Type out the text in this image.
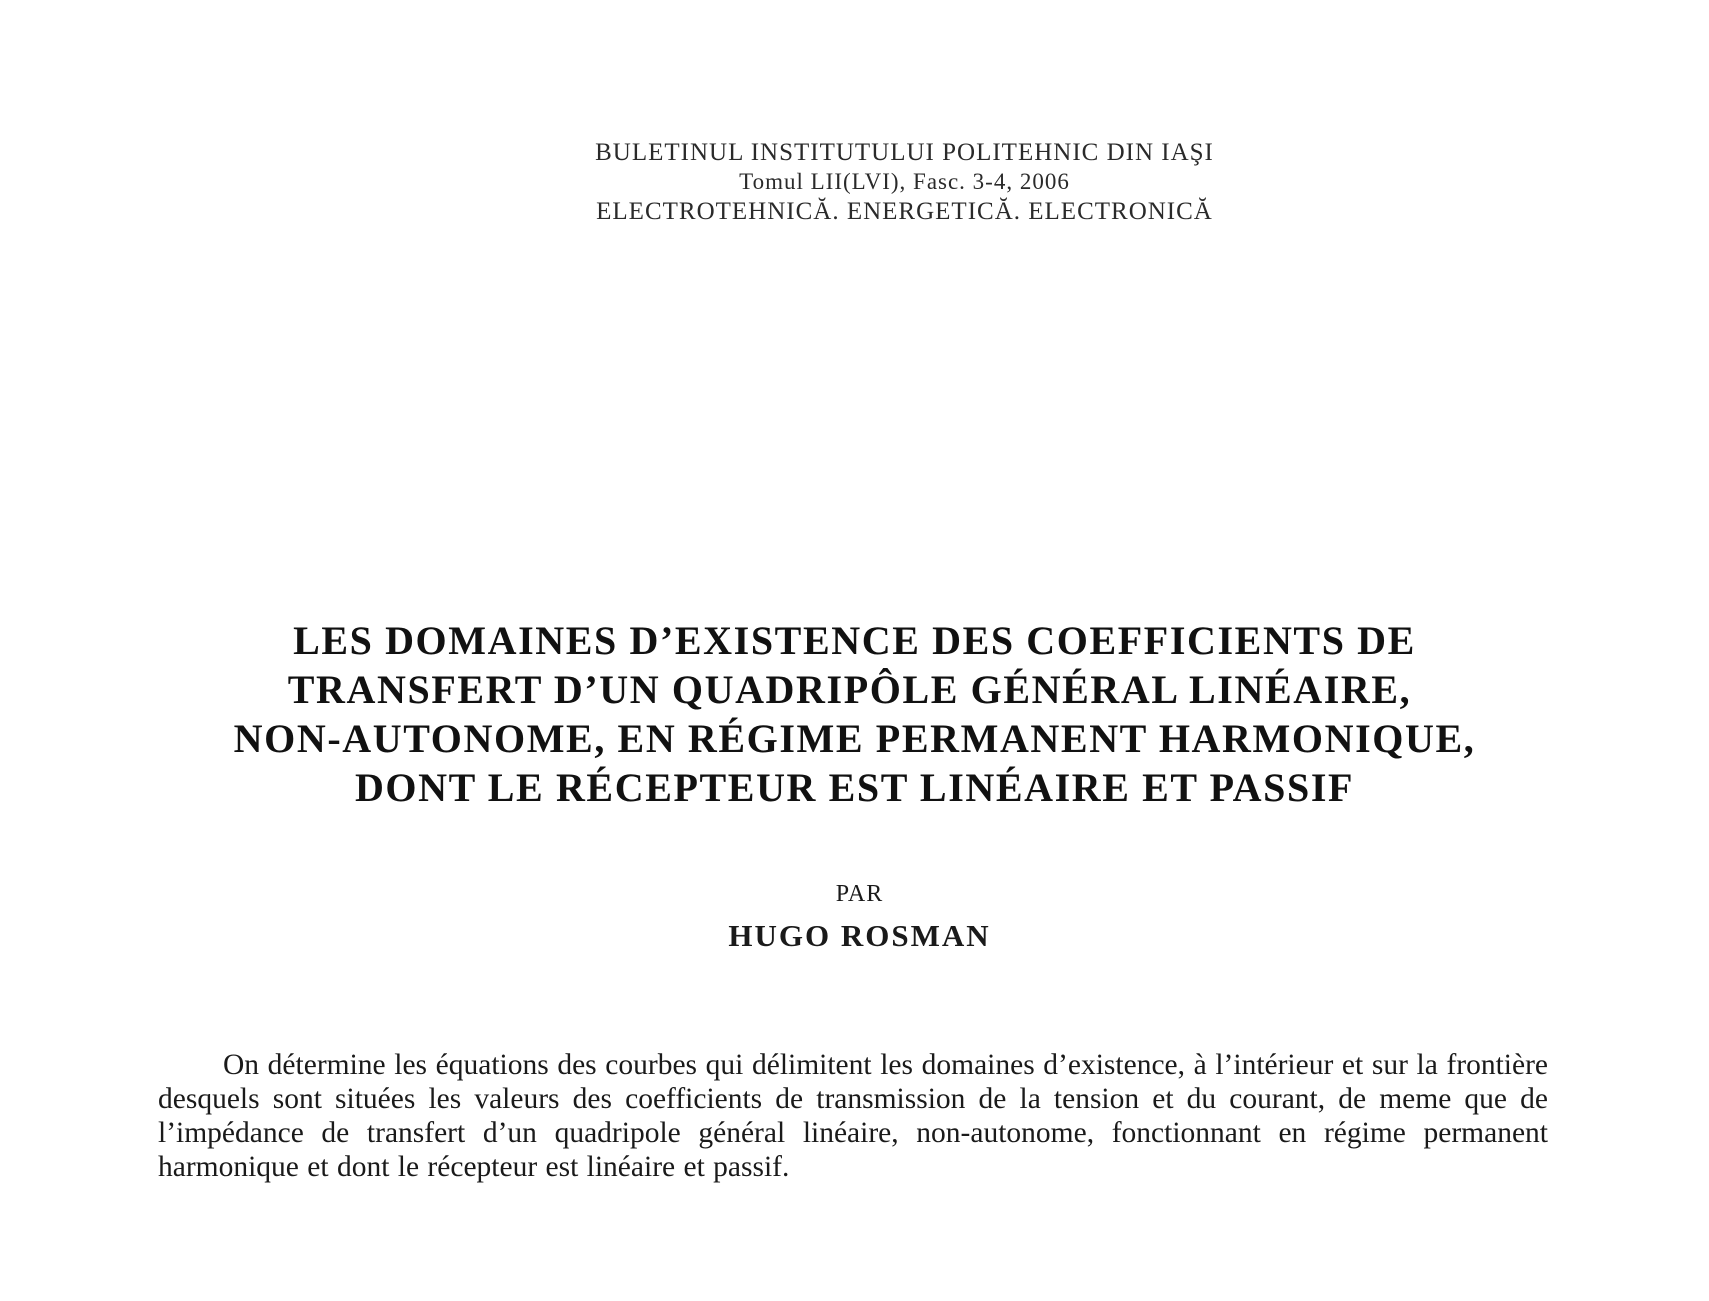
BULETINUL INSTITUTULUI POLITEHNIC DIN IAŞI
Tomul LII(LVI), Fasc. 3-4, 2006
ELECTROTEHNICĂ. ENERGETICĂ. ELECTRONICĂ
LES DOMAINES D’EXISTENCE DES COEFFICIENTS DE
TRANSFERT D’UN QUADRIPÔLE GÉNÉRAL LINÉAIRE,
NON-AUTONOME, EN RÉGIME PERMANENT HARMONIQUE,
DONT LE RÉCEPTEUR EST LINÉAIRE ET PASSIF
PAR
HUGO ROSMAN
On détermine les équations des courbes qui délimitent les domaines d’existence, à l’intérieur et sur la frontière desquels sont situées les valeurs des coefficients de transmission de la tension et du courant, de meme que de l’impédance de transfert d’un quadripole général linéaire, non-autonome, fonctionnant en régime permanent harmonique et dont le récepteur est linéaire et passif.
